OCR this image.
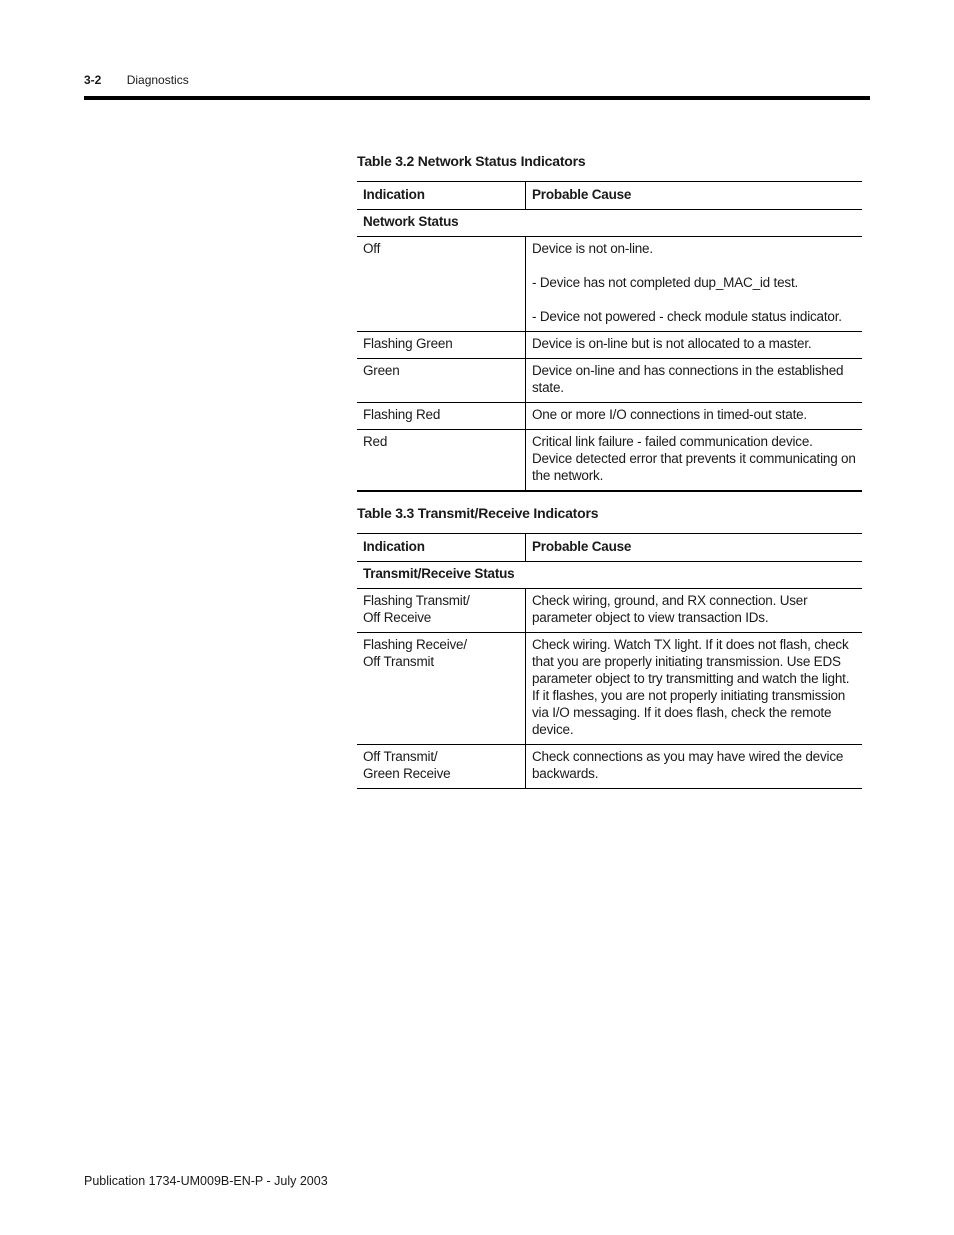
3-2 Diagnostics
Table 3.2 Network Status Indicators
Indication	Probable Cause
Network Status	
Off	Device is not on-line.
- Device has not completed dup_MAC_id test.
- Device not powered - check module status indicator.
Flashing Green	Device is on-line but is not allocated to a master.
Green	Device on-line and has connections in the established state.
Flashing Red	One or more I/O connections in timed-out state.
Red	Critical link failure - failed communication device. Device detected error that prevents it communicating on the network.
Table 3.3 Transmit/Receive Indicators
Indication	Probable Cause
Transmit/Receive Status	
Flashing Transmit/
Off Receive	Check wiring, ground, and RX connection. User parameter object to view transaction IDs.
Flashing Receive/
Off Transmit	Check wiring. Watch TX light. If it does not flash, check that you are properly initiating transmission. Use EDS parameter object to try transmitting and watch the light. If it flashes, you are not properly initiating transmission via I/O messaging. If it does flash, check the remote device.
Off Transmit/
Green Receive	Check connections as you may have wired the device backwards.
Publication 1734-UM009B-EN-P - July 2003
